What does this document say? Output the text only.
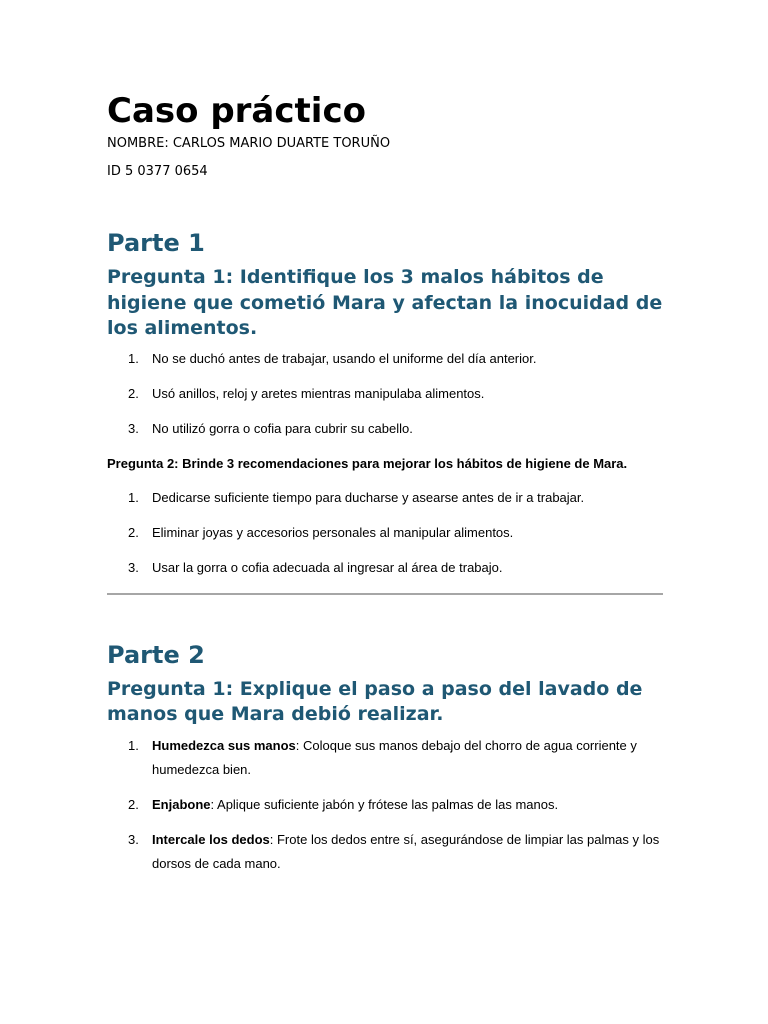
Caso práctico

NOMBRE: CARLOS MARIO DUARTE TORUÑO

ID 5 0377 0654

Parte 1
Pregunta 1: Identifique los 3 malos hábitos de higiene que cometió Mara y afectan la inocuidad de los alimentos.
1. No se duchó antes de trabajar, usando el uniforme del día anterior.
2. Usó anillos, reloj y aretes mientras manipulaba alimentos.
3. No utilizó gorra o cofia para cubrir su cabello.

Pregunta 2: Brinde 3 recomendaciones para mejorar los hábitos de higiene de Mara.

1. Dedicarse suficiente tiempo para ducharse y asearse antes de ir a trabajar.
2. Eliminar joyas y accesorios personales al manipular alimentos.
3. Usar la gorra o cofia adecuada al ingresar al área de trabajo.
Parte 2
Pregunta 1: Explique el paso a paso del lavado de manos que Mara debió realizar.
1. Humedezca sus manos: Coloque sus manos debajo del chorro de agua corriente y humedezca bien.
2. Enjabone: Aplique suficiente jabón y frótese las palmas de las manos.
3. Intercale los dedos: Frote los dedos entre sí, asegurándose de limpiar las palmas y los dorsos de cada mano.
